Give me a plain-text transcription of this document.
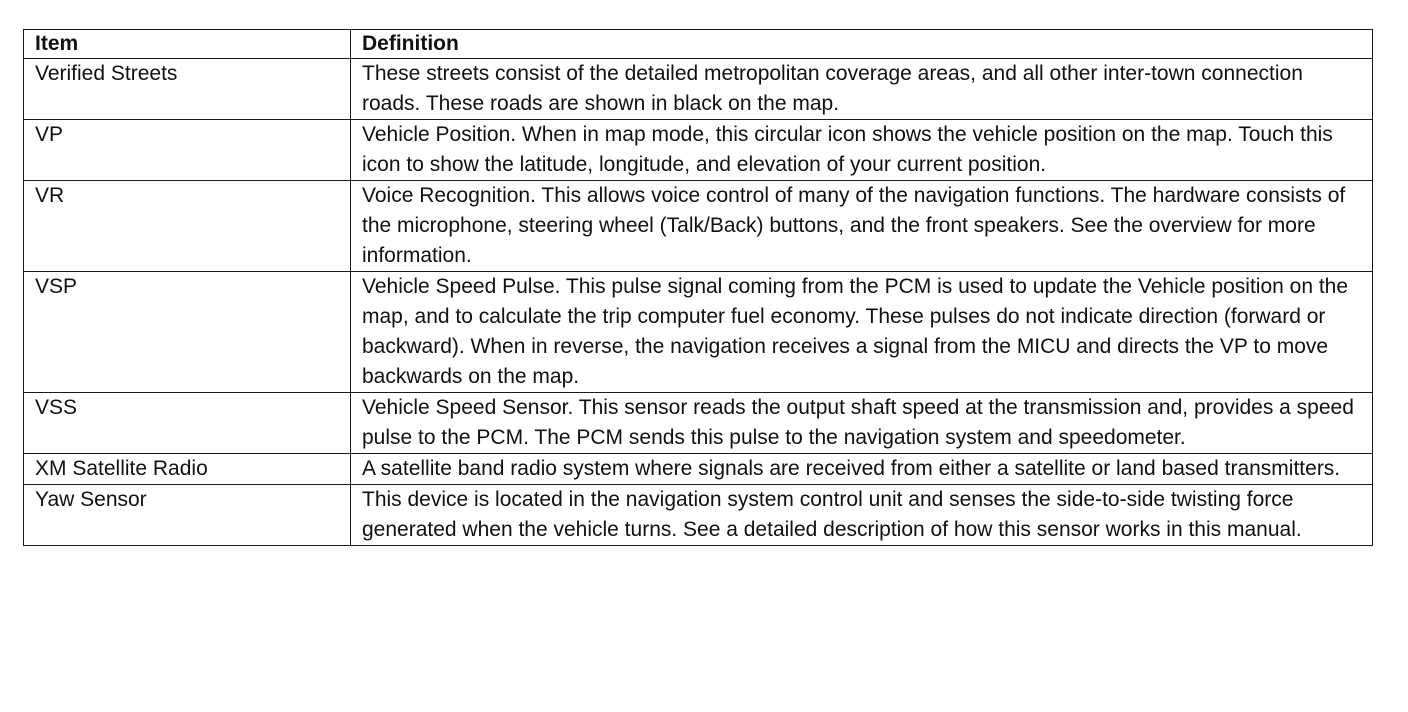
Item	Definition
Verified Streets	These streets consist of the detailed metropolitan coverage areas, and all other inter-town connection roads. These roads are shown in black on the map.
VP	Vehicle Position. When in map mode, this circular icon shows the vehicle position on the map. Touch this icon to show the latitude, longitude, and elevation of your current position.
VR	Voice Recognition. This allows voice control of many of the navigation functions. The hardware consists of the microphone, steering wheel (Talk/Back) buttons, and the front speakers. See the overview for more information.
VSP	Vehicle Speed Pulse. This pulse signal coming from the PCM is used to update the Vehicle position on the map, and to calculate the trip computer fuel economy. These pulses do not indicate direction (forward or backward). When in reverse, the navigation receives a signal from the MICU and directs the VP to move backwards on the map.
VSS	Vehicle Speed Sensor. This sensor reads the output shaft speed at the transmission and, provides a speed pulse to the PCM. The PCM sends this pulse to the navigation system and speedometer.
XM Satellite Radio	A satellite band radio system where signals are received from either a satellite or land based transmitters.
Yaw Sensor	This device is located in the navigation system control unit and senses the side-to-side twisting force generated when the vehicle turns. See a detailed description of how this sensor works in this manual.
